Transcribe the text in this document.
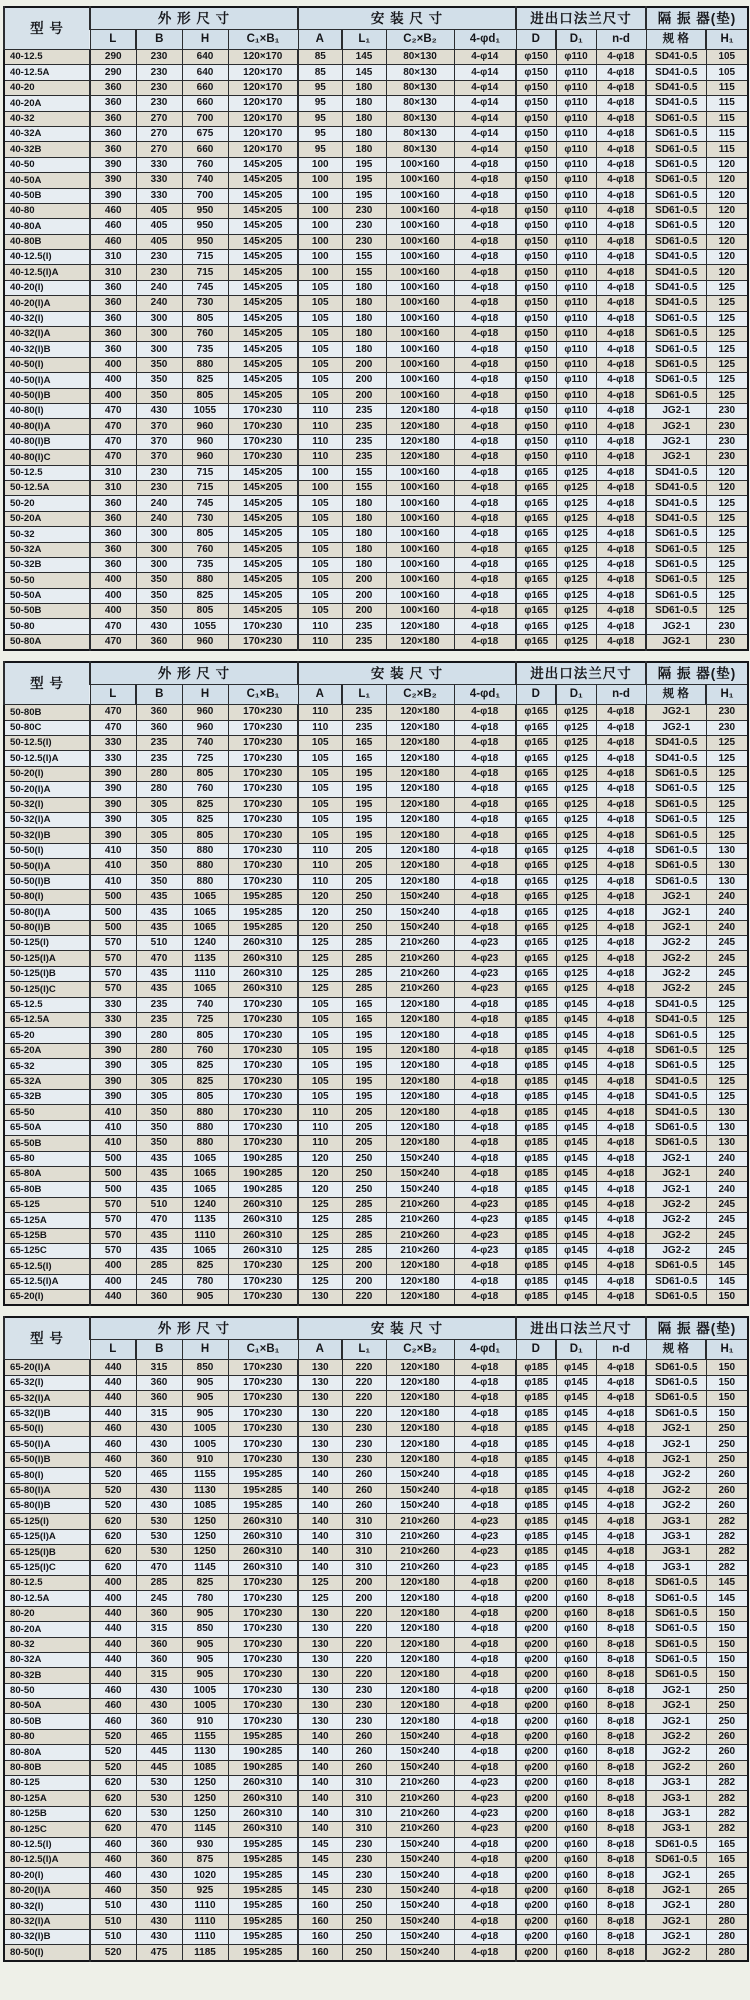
型 号	外 形 尺 寸				安 装 尺 寸				进出口法兰尺寸			隔 振 器(垫)	
	L	B	H	C₁×B₁	A	L₁	C₂×B₂	4-φd₁	D	D₁	n-d	规 格	H₁
40-12.5	290	230	640	120×170	85	145	80×130	4-φ14	φ150	φ110	4-φ18	SD41-0.5	105
40-12.5A	290	230	640	120×170	85	145	80×130	4-φ14	φ150	φ110	4-φ18	SD41-0.5	105
40-20	360	230	660	120×170	95	180	80×130	4-φ14	φ150	φ110	4-φ18	SD41-0.5	115
40-20A	360	230	660	120×170	95	180	80×130	4-φ14	φ150	φ110	4-φ18	SD41-0.5	115
40-32	360	270	700	120×170	95	180	80×130	4-φ14	φ150	φ110	4-φ18	SD61-0.5	115
40-32A	360	270	675	120×170	95	180	80×130	4-φ14	φ150	φ110	4-φ18	SD61-0.5	115
40-32B	360	270	660	120×170	95	180	80×130	4-φ14	φ150	φ110	4-φ18	SD61-0.5	115
40-50	390	330	760	145×205	100	195	100×160	4-φ18	φ150	φ110	4-φ18	SD61-0.5	120
40-50A	390	330	740	145×205	100	195	100×160	4-φ18	φ150	φ110	4-φ18	SD61-0.5	120
40-50B	390	330	700	145×205	100	195	100×160	4-φ18	φ150	φ110	4-φ18	SD61-0.5	120
40-80	460	405	950	145×205	100	230	100×160	4-φ18	φ150	φ110	4-φ18	SD61-0.5	120
40-80A	460	405	950	145×205	100	230	100×160	4-φ18	φ150	φ110	4-φ18	SD61-0.5	120
40-80B	460	405	950	145×205	100	230	100×160	4-φ18	φ150	φ110	4-φ18	SD61-0.5	120
40-12.5(I)	310	230	715	145×205	100	155	100×160	4-φ18	φ150	φ110	4-φ18	SD41-0.5	120
40-12.5(I)A	310	230	715	145×205	100	155	100×160	4-φ18	φ150	φ110	4-φ18	SD41-0.5	120
40-20(I)	360	240	745	145×205	105	180	100×160	4-φ18	φ150	φ110	4-φ18	SD41-0.5	125
40-20(I)A	360	240	730	145×205	105	180	100×160	4-φ18	φ150	φ110	4-φ18	SD41-0.5	125
40-32(I)	360	300	805	145×205	105	180	100×160	4-φ18	φ150	φ110	4-φ18	SD61-0.5	125
40-32(I)A	360	300	760	145×205	105	180	100×160	4-φ18	φ150	φ110	4-φ18	SD61-0.5	125
40-32(I)B	360	300	735	145×205	105	180	100×160	4-φ18	φ150	φ110	4-φ18	SD61-0.5	125
40-50(I)	400	350	880	145×205	105	200	100×160	4-φ18	φ150	φ110	4-φ18	SD61-0.5	125
40-50(I)A	400	350	825	145×205	105	200	100×160	4-φ18	φ150	φ110	4-φ18	SD61-0.5	125
40-50(I)B	400	350	805	145×205	105	200	100×160	4-φ18	φ150	φ110	4-φ18	SD61-0.5	125
40-80(I)	470	430	1055	170×230	110	235	120×180	4-φ18	φ150	φ110	4-φ18	JG2-1	230
40-80(I)A	470	370	960	170×230	110	235	120×180	4-φ18	φ150	φ110	4-φ18	JG2-1	230
40-80(I)B	470	370	960	170×230	110	235	120×180	4-φ18	φ150	φ110	4-φ18	JG2-1	230
40-80(I)C	470	370	960	170×230	110	235	120×180	4-φ18	φ150	φ110	4-φ18	JG2-1	230
50-12.5	310	230	715	145×205	100	155	100×160	4-φ18	φ165	φ125	4-φ18	SD41-0.5	120
50-12.5A	310	230	715	145×205	100	155	100×160	4-φ18	φ165	φ125	4-φ18	SD41-0.5	120
50-20	360	240	745	145×205	105	180	100×160	4-φ18	φ165	φ125	4-φ18	SD41-0.5	125
50-20A	360	240	730	145×205	105	180	100×160	4-φ18	φ165	φ125	4-φ18	SD41-0.5	125
50-32	360	300	805	145×205	105	180	100×160	4-φ18	φ165	φ125	4-φ18	SD61-0.5	125
50-32A	360	300	760	145×205	105	180	100×160	4-φ18	φ165	φ125	4-φ18	SD61-0.5	125
50-32B	360	300	735	145×205	105	180	100×160	4-φ18	φ165	φ125	4-φ18	SD61-0.5	125
50-50	400	350	880	145×205	105	200	100×160	4-φ18	φ165	φ125	4-φ18	SD61-0.5	125
50-50A	400	350	825	145×205	105	200	100×160	4-φ18	φ165	φ125	4-φ18	SD61-0.5	125
50-50B	400	350	805	145×205	105	200	100×160	4-φ18	φ165	φ125	4-φ18	SD61-0.5	125
50-80	470	430	1055	170×230	110	235	120×180	4-φ18	φ165	φ125	4-φ18	JG2-1	230
50-80A	470	360	960	170×230	110	235	120×180	4-φ18	φ165	φ125	4-φ18	JG2-1	230
型 号	外 形 尺 寸				安 装 尺 寸				进出口法兰尺寸			隔 振 器(垫)	
	L	B	H	C₁×B₁	A	L₁	C₂×B₂	4-φd₁	D	D₁	n-d	规 格	H₁
50-80B	470	360	960	170×230	110	235	120×180	4-φ18	φ165	φ125	4-φ18	JG2-1	230
50-80C	470	360	960	170×230	110	235	120×180	4-φ18	φ165	φ125	4-φ18	JG2-1	230
50-12.5(I)	330	235	740	170×230	105	165	120×180	4-φ18	φ165	φ125	4-φ18	SD41-0.5	125
50-12.5(I)A	330	235	725	170×230	105	165	120×180	4-φ18	φ165	φ125	4-φ18	SD41-0.5	125
50-20(I)	390	280	805	170×230	105	195	120×180	4-φ18	φ165	φ125	4-φ18	SD61-0.5	125
50-20(I)A	390	280	760	170×230	105	195	120×180	4-φ18	φ165	φ125	4-φ18	SD61-0.5	125
50-32(I)	390	305	825	170×230	105	195	120×180	4-φ18	φ165	φ125	4-φ18	SD61-0.5	125
50-32(I)A	390	305	825	170×230	105	195	120×180	4-φ18	φ165	φ125	4-φ18	SD61-0.5	125
50-32(I)B	390	305	805	170×230	105	195	120×180	4-φ18	φ165	φ125	4-φ18	SD61-0.5	125
50-50(I)	410	350	880	170×230	110	205	120×180	4-φ18	φ165	φ125	4-φ18	SD61-0.5	130
50-50(I)A	410	350	880	170×230	110	205	120×180	4-φ18	φ165	φ125	4-φ18	SD61-0.5	130
50-50(I)B	410	350	880	170×230	110	205	120×180	4-φ18	φ165	φ125	4-φ18	SD61-0.5	130
50-80(I)	500	435	1065	195×285	120	250	150×240	4-φ18	φ165	φ125	4-φ18	JG2-1	240
50-80(I)A	500	435	1065	195×285	120	250	150×240	4-φ18	φ165	φ125	4-φ18	JG2-1	240
50-80(I)B	500	435	1065	195×285	120	250	150×240	4-φ18	φ165	φ125	4-φ18	JG2-1	240
50-125(I)	570	510	1240	260×310	125	285	210×260	4-φ23	φ165	φ125	4-φ18	JG2-2	245
50-125(I)A	570	470	1135	260×310	125	285	210×260	4-φ23	φ165	φ125	4-φ18	JG2-2	245
50-125(I)B	570	435	1110	260×310	125	285	210×260	4-φ23	φ165	φ125	4-φ18	JG2-2	245
50-125(I)C	570	435	1065	260×310	125	285	210×260	4-φ23	φ165	φ125	4-φ18	JG2-2	245
65-12.5	330	235	740	170×230	105	165	120×180	4-φ18	φ185	φ145	4-φ18	SD41-0.5	125
65-12.5A	330	235	725	170×230	105	165	120×180	4-φ18	φ185	φ145	4-φ18	SD41-0.5	125
65-20	390	280	805	170×230	105	195	120×180	4-φ18	φ185	φ145	4-φ18	SD61-0.5	125
65-20A	390	280	760	170×230	105	195	120×180	4-φ18	φ185	φ145	4-φ18	SD61-0.5	125
65-32	390	305	825	170×230	105	195	120×180	4-φ18	φ185	φ145	4-φ18	SD61-0.5	125
65-32A	390	305	825	170×230	105	195	120×180	4-φ18	φ185	φ145	4-φ18	SD41-0.5	125
65-32B	390	305	805	170×230	105	195	120×180	4-φ18	φ185	φ145	4-φ18	SD41-0.5	125
65-50	410	350	880	170×230	110	205	120×180	4-φ18	φ185	φ145	4-φ18	SD41-0.5	130
65-50A	410	350	880	170×230	110	205	120×180	4-φ18	φ185	φ145	4-φ18	SD61-0.5	130
65-50B	410	350	880	170×230	110	205	120×180	4-φ18	φ185	φ145	4-φ18	SD61-0.5	130
65-80	500	435	1065	190×285	120	250	150×240	4-φ18	φ185	φ145	4-φ18	JG2-1	240
65-80A	500	435	1065	190×285	120	250	150×240	4-φ18	φ185	φ145	4-φ18	JG2-1	240
65-80B	500	435	1065	190×285	120	250	150×240	4-φ18	φ185	φ145	4-φ18	JG2-1	240
65-125	570	510	1240	260×310	125	285	210×260	4-φ23	φ185	φ145	4-φ18	JG2-2	245
65-125A	570	470	1135	260×310	125	285	210×260	4-φ23	φ185	φ145	4-φ18	JG2-2	245
65-125B	570	435	1110	260×310	125	285	210×260	4-φ23	φ185	φ145	4-φ18	JG2-2	245
65-125C	570	435	1065	260×310	125	285	210×260	4-φ23	φ185	φ145	4-φ18	JG2-2	245
65-12.5(I)	400	285	825	170×230	125	200	120×180	4-φ18	φ185	φ145	4-φ18	SD61-0.5	145
65-12.5(I)A	400	245	780	170×230	125	200	120×180	4-φ18	φ185	φ145	4-φ18	SD61-0.5	145
65-20(I)	440	360	905	170×230	130	220	120×180	4-φ18	φ185	φ145	4-φ18	SD61-0.5	150
型 号	外 形 尺 寸				安 装 尺 寸				进出口法兰尺寸			隔 振 器(垫)	
	L	B	H	C₁×B₁	A	L₁	C₂×B₂	4-φd₁	D	D₁	n-d	规 格	H₁
65-20(I)A	440	315	850	170×230	130	220	120×180	4-φ18	φ185	φ145	4-φ18	SD61-0.5	150
65-32(I)	440	360	905	170×230	130	220	120×180	4-φ18	φ185	φ145	4-φ18	SD61-0.5	150
65-32(I)A	440	360	905	170×230	130	220	120×180	4-φ18	φ185	φ145	4-φ18	SD61-0.5	150
65-32(I)B	440	315	905	170×230	130	220	120×180	4-φ18	φ185	φ145	4-φ18	SD61-0.5	150
65-50(I)	460	430	1005	170×230	130	230	120×180	4-φ18	φ185	φ145	4-φ18	JG2-1	250
65-50(I)A	460	430	1005	170×230	130	230	120×180	4-φ18	φ185	φ145	4-φ18	JG2-1	250
65-50(I)B	460	360	910	170×230	130	230	120×180	4-φ18	φ185	φ145	4-φ18	JG2-1	250
65-80(I)	520	465	1155	195×285	140	260	150×240	4-φ18	φ185	φ145	4-φ18	JG2-2	260
65-80(I)A	520	430	1130	195×285	140	260	150×240	4-φ18	φ185	φ145	4-φ18	JG2-2	260
65-80(I)B	520	430	1085	195×285	140	260	150×240	4-φ18	φ185	φ145	4-φ18	JG2-2	260
65-125(I)	620	530	1250	260×310	140	310	210×260	4-φ23	φ185	φ145	4-φ18	JG3-1	282
65-125(I)A	620	530	1250	260×310	140	310	210×260	4-φ23	φ185	φ145	4-φ18	JG3-1	282
65-125(I)B	620	530	1250	260×310	140	310	210×260	4-φ23	φ185	φ145	4-φ18	JG3-1	282
65-125(I)C	620	470	1145	260×310	140	310	210×260	4-φ23	φ185	φ145	4-φ18	JG3-1	282
80-12.5	400	285	825	170×230	125	200	120×180	4-φ18	φ200	φ160	8-φ18	SD61-0.5	145
80-12.5A	400	245	780	170×230	125	200	120×180	4-φ18	φ200	φ160	8-φ18	SD61-0.5	145
80-20	440	360	905	170×230	130	220	120×180	4-φ18	φ200	φ160	8-φ18	SD61-0.5	150
80-20A	440	315	850	170×230	130	220	120×180	4-φ18	φ200	φ160	8-φ18	SD61-0.5	150
80-32	440	360	905	170×230	130	220	120×180	4-φ18	φ200	φ160	8-φ18	SD61-0.5	150
80-32A	440	360	905	170×230	130	220	120×180	4-φ18	φ200	φ160	8-φ18	SD61-0.5	150
80-32B	440	315	905	170×230	130	220	120×180	4-φ18	φ200	φ160	8-φ18	SD61-0.5	150
80-50	460	430	1005	170×230	130	230	120×180	4-φ18	φ200	φ160	8-φ18	JG2-1	250
80-50A	460	430	1005	170×230	130	230	120×180	4-φ18	φ200	φ160	8-φ18	JG2-1	250
80-50B	460	360	910	170×230	130	230	120×180	4-φ18	φ200	φ160	8-φ18	JG2-1	250
80-80	520	465	1155	195×285	140	260	150×240	4-φ18	φ200	φ160	8-φ18	JG2-2	260
80-80A	520	445	1130	190×285	140	260	150×240	4-φ18	φ200	φ160	8-φ18	JG2-2	260
80-80B	520	445	1085	190×285	140	260	150×240	4-φ18	φ200	φ160	8-φ18	JG2-2	260
80-125	620	530	1250	260×310	140	310	210×260	4-φ23	φ200	φ160	8-φ18	JG3-1	282
80-125A	620	530	1250	260×310	140	310	210×260	4-φ23	φ200	φ160	8-φ18	JG3-1	282
80-125B	620	530	1250	260×310	140	310	210×260	4-φ23	φ200	φ160	8-φ18	JG3-1	282
80-125C	620	470	1145	260×310	140	310	210×260	4-φ23	φ200	φ160	8-φ18	JG3-1	282
80-12.5(I)	460	360	930	195×285	145	230	150×240	4-φ18	φ200	φ160	8-φ18	SD61-0.5	165
80-12.5(I)A	460	360	875	195×285	145	230	150×240	4-φ18	φ200	φ160	8-φ18	SD61-0.5	165
80-20(I)	460	430	1020	195×285	145	230	150×240	4-φ18	φ200	φ160	8-φ18	JG2-1	265
80-20(I)A	460	350	925	195×285	145	230	150×240	4-φ18	φ200	φ160	8-φ18	JG2-1	265
80-32(I)	510	430	1110	195×285	160	250	150×240	4-φ18	φ200	φ160	8-φ18	JG2-1	280
80-32(I)A	510	430	1110	195×285	160	250	150×240	4-φ18	φ200	φ160	8-φ18	JG2-1	280
80-32(I)B	510	430	1110	195×285	160	250	150×240	4-φ18	φ200	φ160	8-φ18	JG2-1	280
80-50(I)	520	475	1185	195×285	160	250	150×240	4-φ18	φ200	φ160	8-φ18	JG2-2	280
